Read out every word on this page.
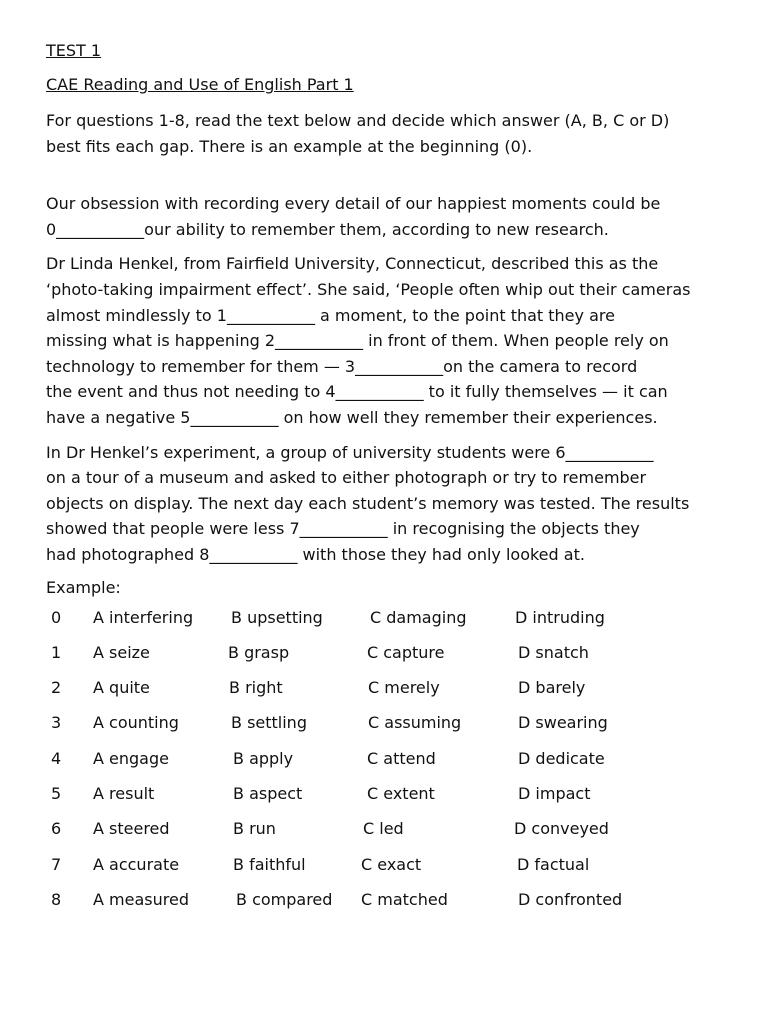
TEST 1
CAE Reading and Use of English Part 1

For questions 1-8, read the text below and decide which answer (A, B, C or D)
best fits each gap. There is an example at the beginning (0).

Our obsession with recording every detail of our happiest moments could be
0___________our ability to remember them, according to new research.

Dr Linda Henkel, from Fairfield University, Connecticut, described this as the
‘photo-taking impairment effect’. She said, ‘People often whip out their cameras
almost mindlessly to 1___________ a moment, to the point that they are
missing what is happening 2___________ in front of them. When people rely on
technology to remember for them — 3___________on the camera to record
the event and thus not needing to 4___________ to it fully themselves — it can
have a negative 5___________ on how well they remember their experiences.

In Dr Henkel’s experiment, a group of university students were 6___________
on a tour of a museum and asked to either photograph or try to remember
objects on display. The next day each student’s memory was tested. The results
showed that people were less 7___________ in recognising the objects they
had photographed 8___________ with those they had only looked at.

Example:
0 A interfering B upsetting	C damaging	D intruding
1 A seize	B grasp	C capture	D snatch
2 A quite	B right	C merely	D barely
3 A counting	B settling	C assuming	D swearing
4 A engage	B apply	C attend	D dedicate
5 A result	B aspect	C extent	D impact
6 A steered	B run	C led	D conveyed
7 A accurate	B faithful	C exact	D factual
8 A measured	B compared C matched	D confronted
